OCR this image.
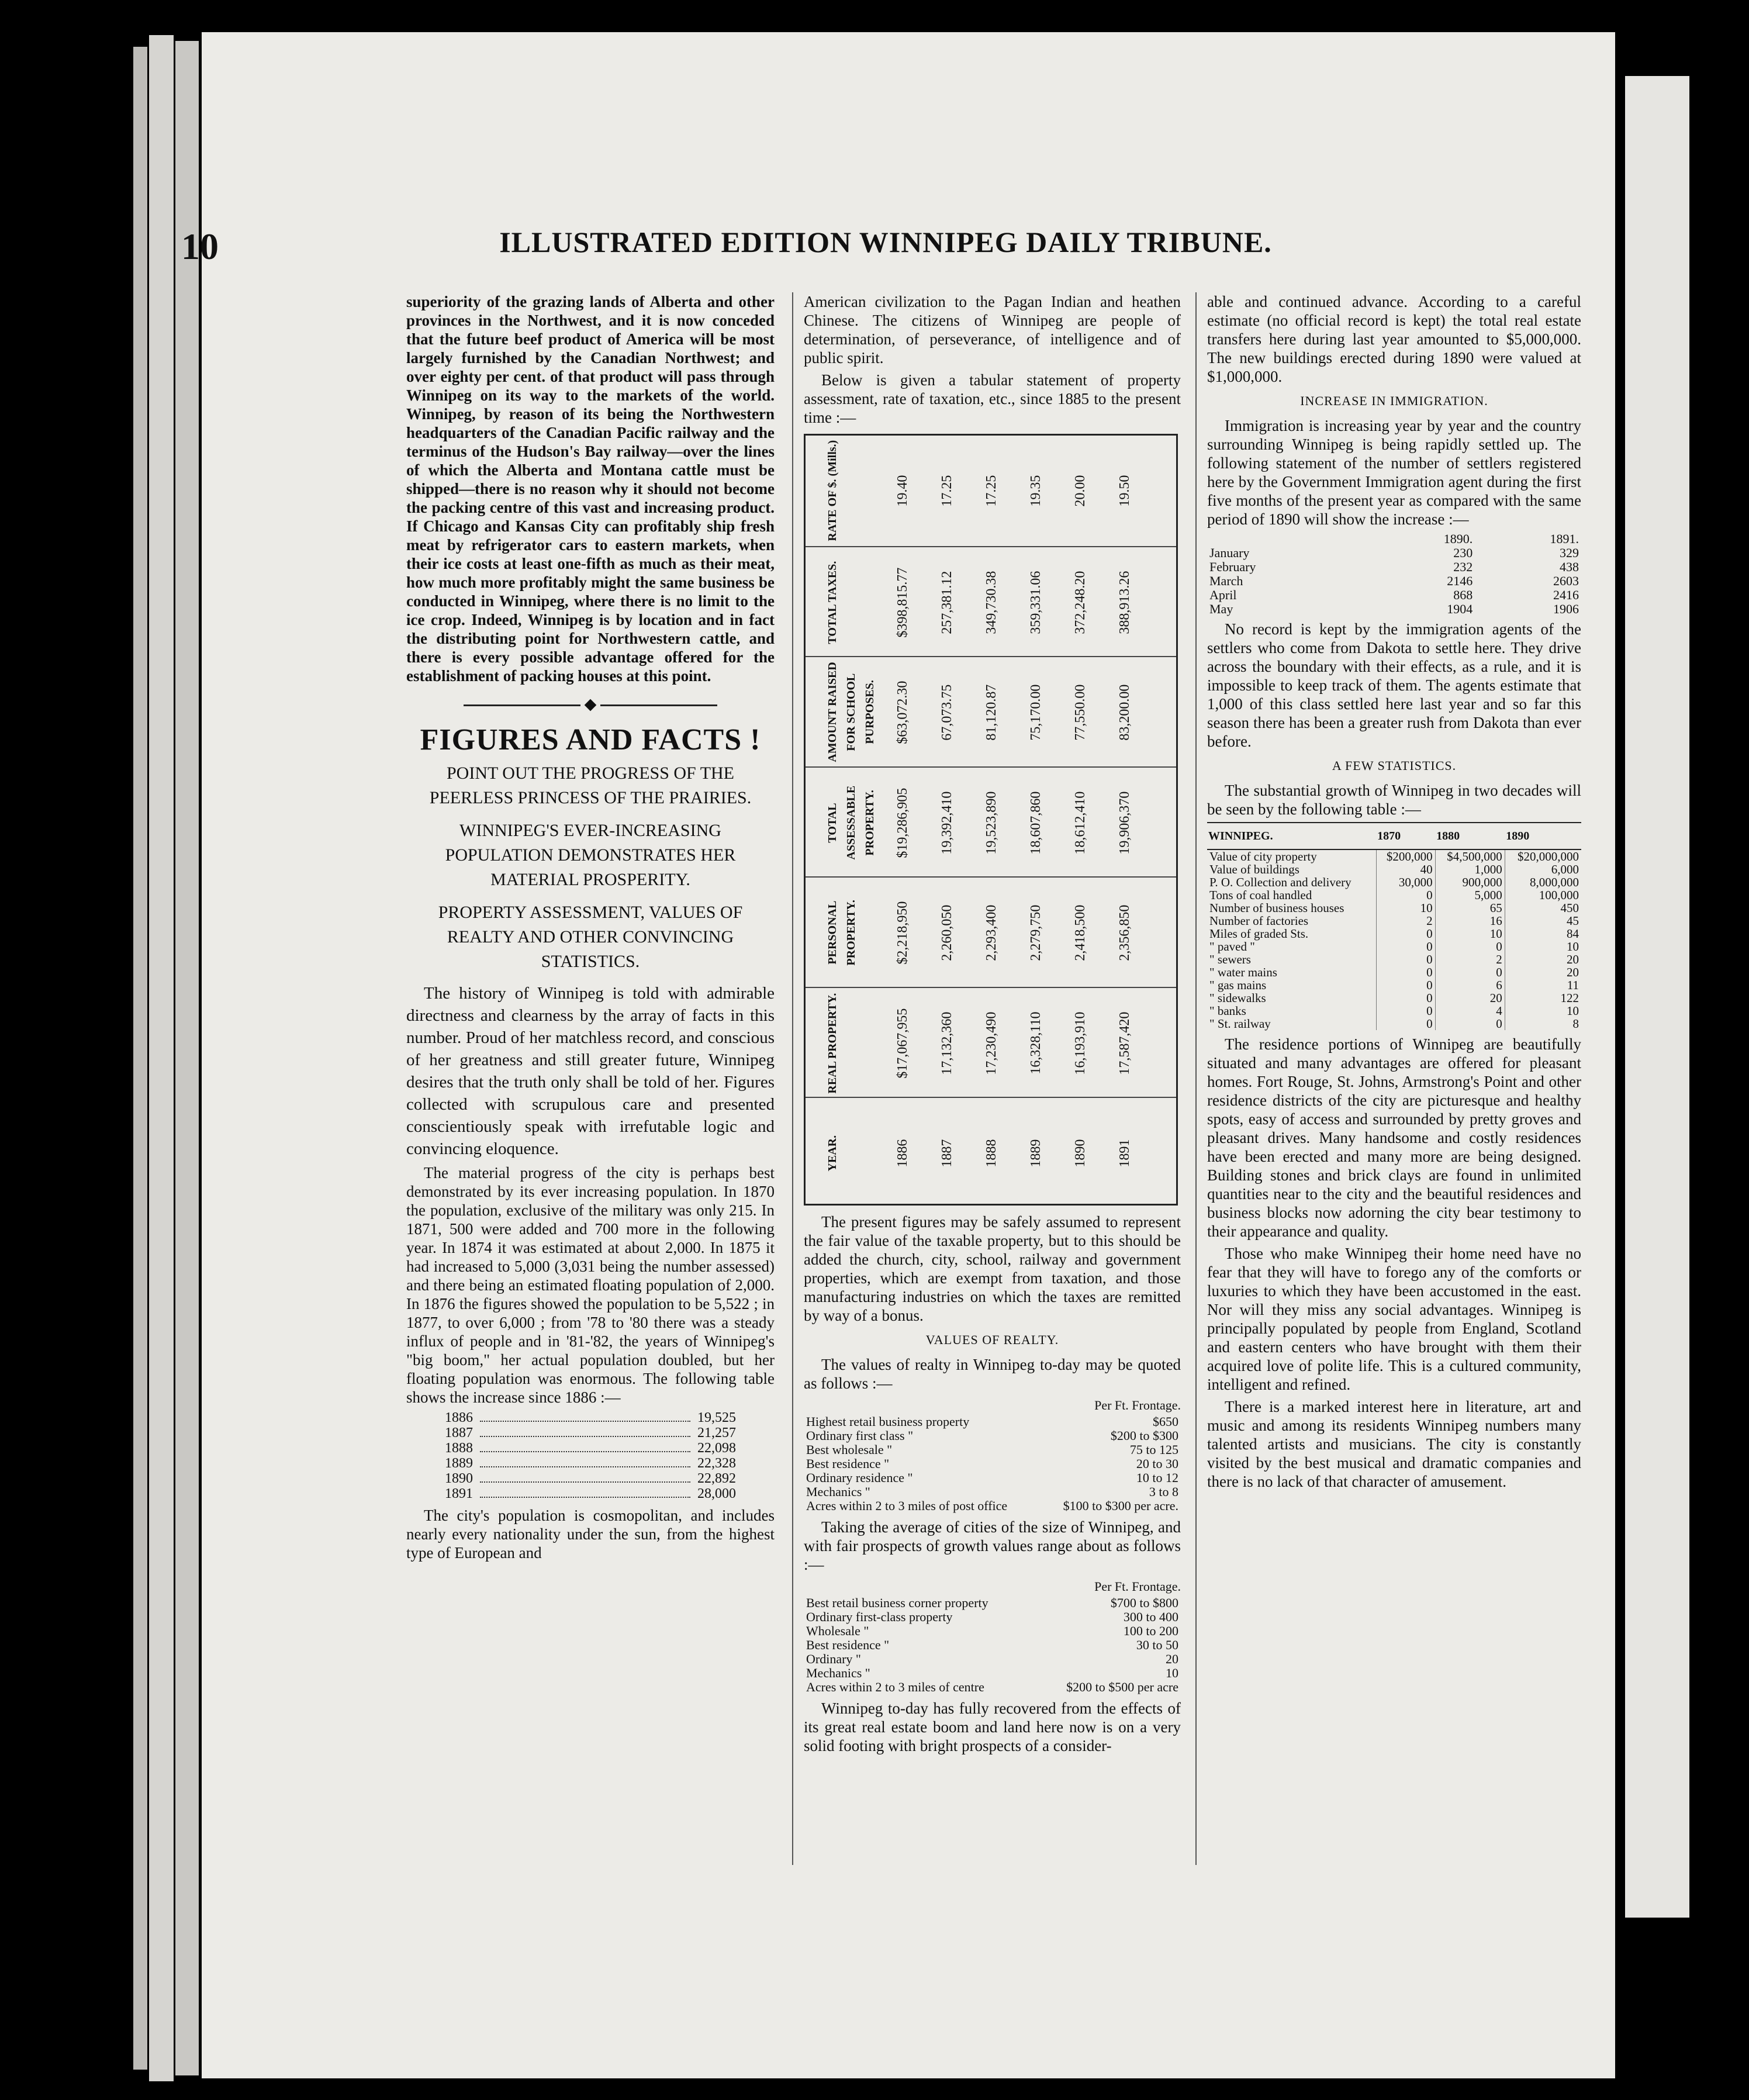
10	ILLUSTRATED EDITION WINNIPEG DAILY TRIBUNE.

superiority of the grazing lands of Alberta and other provinces in the Northwest, and it is now conceded that the future beef product of America will be most largely furnished by the Canadian Northwest; and over eighty per cent. of that product will pass through Winnipeg on its way to the markets of the world. Winnipeg, by reason of its being the Northwestern headquarters of the Canadian Pacific railway and the terminus of the Hudson's Bay railway—over the lines of which the Alberta and Montana cattle must be shipped—there is no reason why it should not become the packing centre of this vast and increasing product. If Chicago and Kansas City can profitably ship fresh meat by refrigerator cars to eastern markets, when their ice costs at least one-fifth as much as their meat, how much more profitably might the same business be conducted in Winnipeg, where there is no limit to the ice crop. Indeed, Winnipeg is by location and in fact the distributing point for Northwestern cattle, and there is every possible advantage offered for the establishment of packing houses at this point.

◆
FIGURES AND FACTS !

POINT OUT THE PROGRESS OF THE PEERLESS PRINCESS OF THE PRAIRIES.

WINNIPEG'S EVER-INCREASING POPULATION DEMONSTRATES HER MATERIAL PROSPERITY.

PROPERTY ASSESSMENT, VALUES OF REALTY AND OTHER CONVINCING STATISTICS.

The history of Winnipeg is told with admirable directness and clearness by the array of facts in this number. Proud of her matchless record, and conscious of her greatness and still greater future, Winnipeg desires that the truth only shall be told of her. Figures collected with scrupulous care and presented conscientiously speak with irrefutable logic and convincing eloquence.

The material progress of the city is perhaps best demonstrated by its ever increasing population. In 1870 the population, exclusive of the military was only 215. In 1871, 500 were added and 700 more in the following year. In 1874 it was estimated at about 2,000. In 1875 it had increased to 5,000 (3,031 being the number assessed) and there being an estimated floating population of 2,000. In 1876 the figures showed the population to be 5,522 ; in 1877, to over 6,000 ; from '78 to '80 there was a steady influx of people and in '81-'82, the years of Winnipeg's "big boom," her actual population doubled, but her floating population was enormous. The following table shows the increase since 1886 :—

1886		19,525
1887		21,257
1888		22,098
1889		22,328
1890		22,892
1891		28,000

The city's population is cosmopolitan, and includes nearly every nationality under the sun, from the highest type of European and

American civilization to the Pagan Indian and heathen Chinese. The citizens of Winnipeg are people of determination, of perseverance, of intelligence and of public spirit.

Below is given a tabular statement of property assessment, rate of taxation, etc., since 1885 to the present time :—

YEAR.	1886 1887 1888 1889 1890 1891
REAL PROPERTY.	$17,067,955 17,132,360 17,230,490 16,328,110 16,193,910 17,587,420
PERSONAL PROPERTY.	$2,218,950 2,260,050 2,293,400 2,279,750 2,418,500 2,356,850
TOTAL ASSESSABLE PROPERTY. $19,286,905 19,392,410 19,523,890 18,607,860 18,612,410 19,906,370
AMOUNT RAISED FOR SCHOOL PURPOSES. $63,072.30 67,073.75 81,120.87 75,170.00 77,550.00 83,200.00
TOTAL TAXES.	$398,815.77 257,381.12 349,730.38 359,331.06 372,248.20 388,913.26
RATE OF $. (Mills.)	19.40 17.25 17.25 19.35 20.00 19.50

The present figures may be safely assumed to represent the fair value of the taxable property, but to this should be added the church, city, school, railway and government properties, which are exempt from taxation, and those manufacturing industries on which the taxes are remitted by way of a bonus.

VALUES OF REALTY.

The values of realty in Winnipeg to-day may be quoted as follows :—

Per Ft. Frontage.
Highest retail business property	$650
Ordinary first class "	$200 to $300
Best wholesale "	75 to 125
Best residence "	20 to 30
Ordinary residence "	10 to 12
Mechanics "	3 to 8
Acres within 2 to 3 miles of post office	$100 to $300 per acre.

Taking the average of cities of the size of Winnipeg, and with fair prospects of growth values range about as follows :—

Per Ft. Frontage.
Best retail business corner property	$700 to $800
Ordinary first-class property	300 to 400
Wholesale "	100 to 200
Best residence "	30 to 50
Ordinary "	20
Mechanics "	10
Acres within 2 to 3 miles of centre	$200 to $500 per acre

Winnipeg to-day has fully recovered from the effects of its great real estate boom and land here now is on a very solid footing with bright prospects of a consider-

able and continued advance. According to a careful estimate (no official record is kept) the total real estate transfers here during last year amounted to $5,000,000. The new buildings erected during 1890 were valued at $1,000,000.

INCREASE IN IMMIGRATION.

Immigration is increasing year by year and the country surrounding Winnipeg is being rapidly settled up. The following statement of the number of settlers registered here by the Government Immigration agent during the first five months of the present year as compared with the same period of 1890 will show the increase :—

	1890.	1891.
January	230	329
February	232	438
March	2146	2603
April	868	2416
May	1904	1906

No record is kept by the immigration agents of the settlers who come from Dakota to settle here. They drive across the boundary with their effects, as a rule, and it is impossible to keep track of them. The agents estimate that 1,000 of this class settled here last year and so far this season there has been a greater rush from Dakota than ever before.

A FEW STATISTICS.

The substantial growth of Winnipeg in two decades will be seen by the following table :—

WINNIPEG.	1870	1880	1890
Value of city property	$200,000	$4,500,000	$20,000,000
Value of buildings	40	1,000	6,000
P. O. Collection and delivery	30,000	900,000	8,000,000
Tons of coal handled	0	5,000	100,000
Number of business houses	10	65	450
Number of factories	2	16	45
Miles of graded Sts.	0	10	84
" paved "	0	0	10
" sewers	0	2	20
" water mains	0	0	20
" gas mains	0	6	11
" sidewalks	0	20	122
" banks	0	4	10
" St. railway	0	0	8

The residence portions of Winnipeg are beautifully situated and many advantages are offered for pleasant homes. Fort Rouge, St. Johns, Armstrong's Point and other residence districts of the city are picturesque and healthy spots, easy of access and surrounded by pretty groves and pleasant drives. Many handsome and costly residences have been erected and many more are being designed. Building stones and brick clays are found in unlimited quantities near to the city and the beautiful residences and business blocks now adorning the city bear testimony to their appearance and quality.

Those who make Winnipeg their home need have no fear that they will have to forego any of the comforts or luxuries to which they have been accustomed in the east. Nor will they miss any social advantages. Winnipeg is principally populated by people from England, Scotland and eastern centers who have brought with them their acquired love of polite life. This is a cultured community, intelligent and refined.

There is a marked interest here in literature, art and music and among its residents Winnipeg numbers many talented artists and musicians. The city is constantly visited by the best musical and dramatic companies and there is no lack of that character of amusement.
